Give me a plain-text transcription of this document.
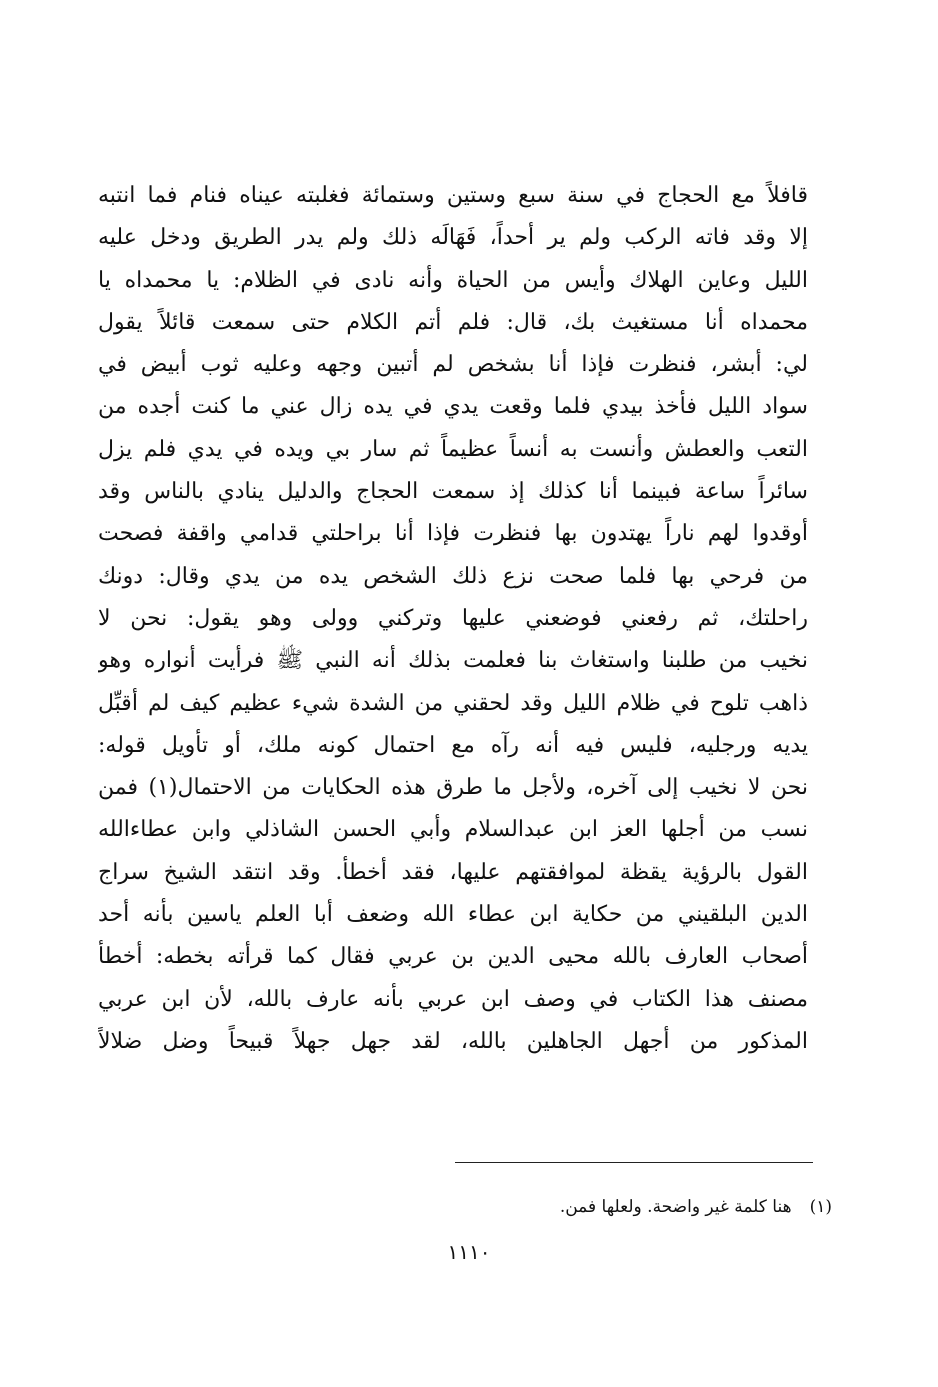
قافلاً مع الحجاج في سنة سبع وستين وستمائة فغلبته عيناه فنام فما انتبه
إلا وقد فاته الركب ولم ير أحداً، فَهَالَه ذلك ولم يدر الطريق ودخل عليه
الليل وعاين الهلاك وأيس من الحياة وأنه نادى في الظلام: يا محمداه يا
محمداه أنا مستغيث بك، قال: فلم أتم الكلام حتى سمعت قائلاً يقول
لي: أبشر، فنظرت فإذا أنا بشخص لم أتبين وجهه وعليه ثوب أبيض في
سواد الليل فأخذ بيدي فلما وقعت يدي في يده زال عني ما كنت أجده من
التعب والعطش وأنست به أنساً عظيماً ثم سار بي ويده في يدي فلم يزل
سائراً ساعة فبينما أنا كذلك إذ سمعت الحجاج والدليل ينادي بالناس وقد
أوقدوا لهم ناراً يهتدون بها فنظرت فإذا أنا براحلتي قدامي واقفة فصحت
من فرحي بها فلما صحت نزع ذلك الشخص يده من يدي وقال: دونك
راحلتك، ثم رفعني فوضعني عليها وتركني وولى وهو يقول: نحن لا
نخيب من طلبنا واستغاث بنا فعلمت بذلك أنه النبي ﷺ فرأيت أنواره وهو
ذاهب تلوح في ظلام الليل وقد لحقني من الشدة شيء عظيم كيف لم أقبِّل
يديه ورجليه، فليس فيه أنه رآه مع احتمال كونه ملك، أو تأويل قوله:
نحن لا نخيب إلى آخره، ولأجل ما طرق هذه الحكايات من الاحتمال(١) فمن
نسب من أجلها العز ابن عبدالسلام وأبي الحسن الشاذلي وابن عطاءالله
القول بالرؤية يقظة لموافقتهم عليها، فقد أخطأ. وقد انتقد الشيخ سراج
الدين البلقيني من حكاية ابن عطاء الله وضعف أبا العلم ياسين بأنه أحد
أصحاب العارف بالله محيى الدين بن عربي فقال كما قرأته بخطه: أخطأ
مصنف هذا الكتاب في وصف ابن عربي بأنه عارف بالله، لأن ابن عربي
المذكور من أجهل الجاهلين بالله، لقد جهل جهلاً قبيحاً وضل ضلالاً
(١)هنا كلمة غير واضحة. ولعلها فمن.
١١١٠
